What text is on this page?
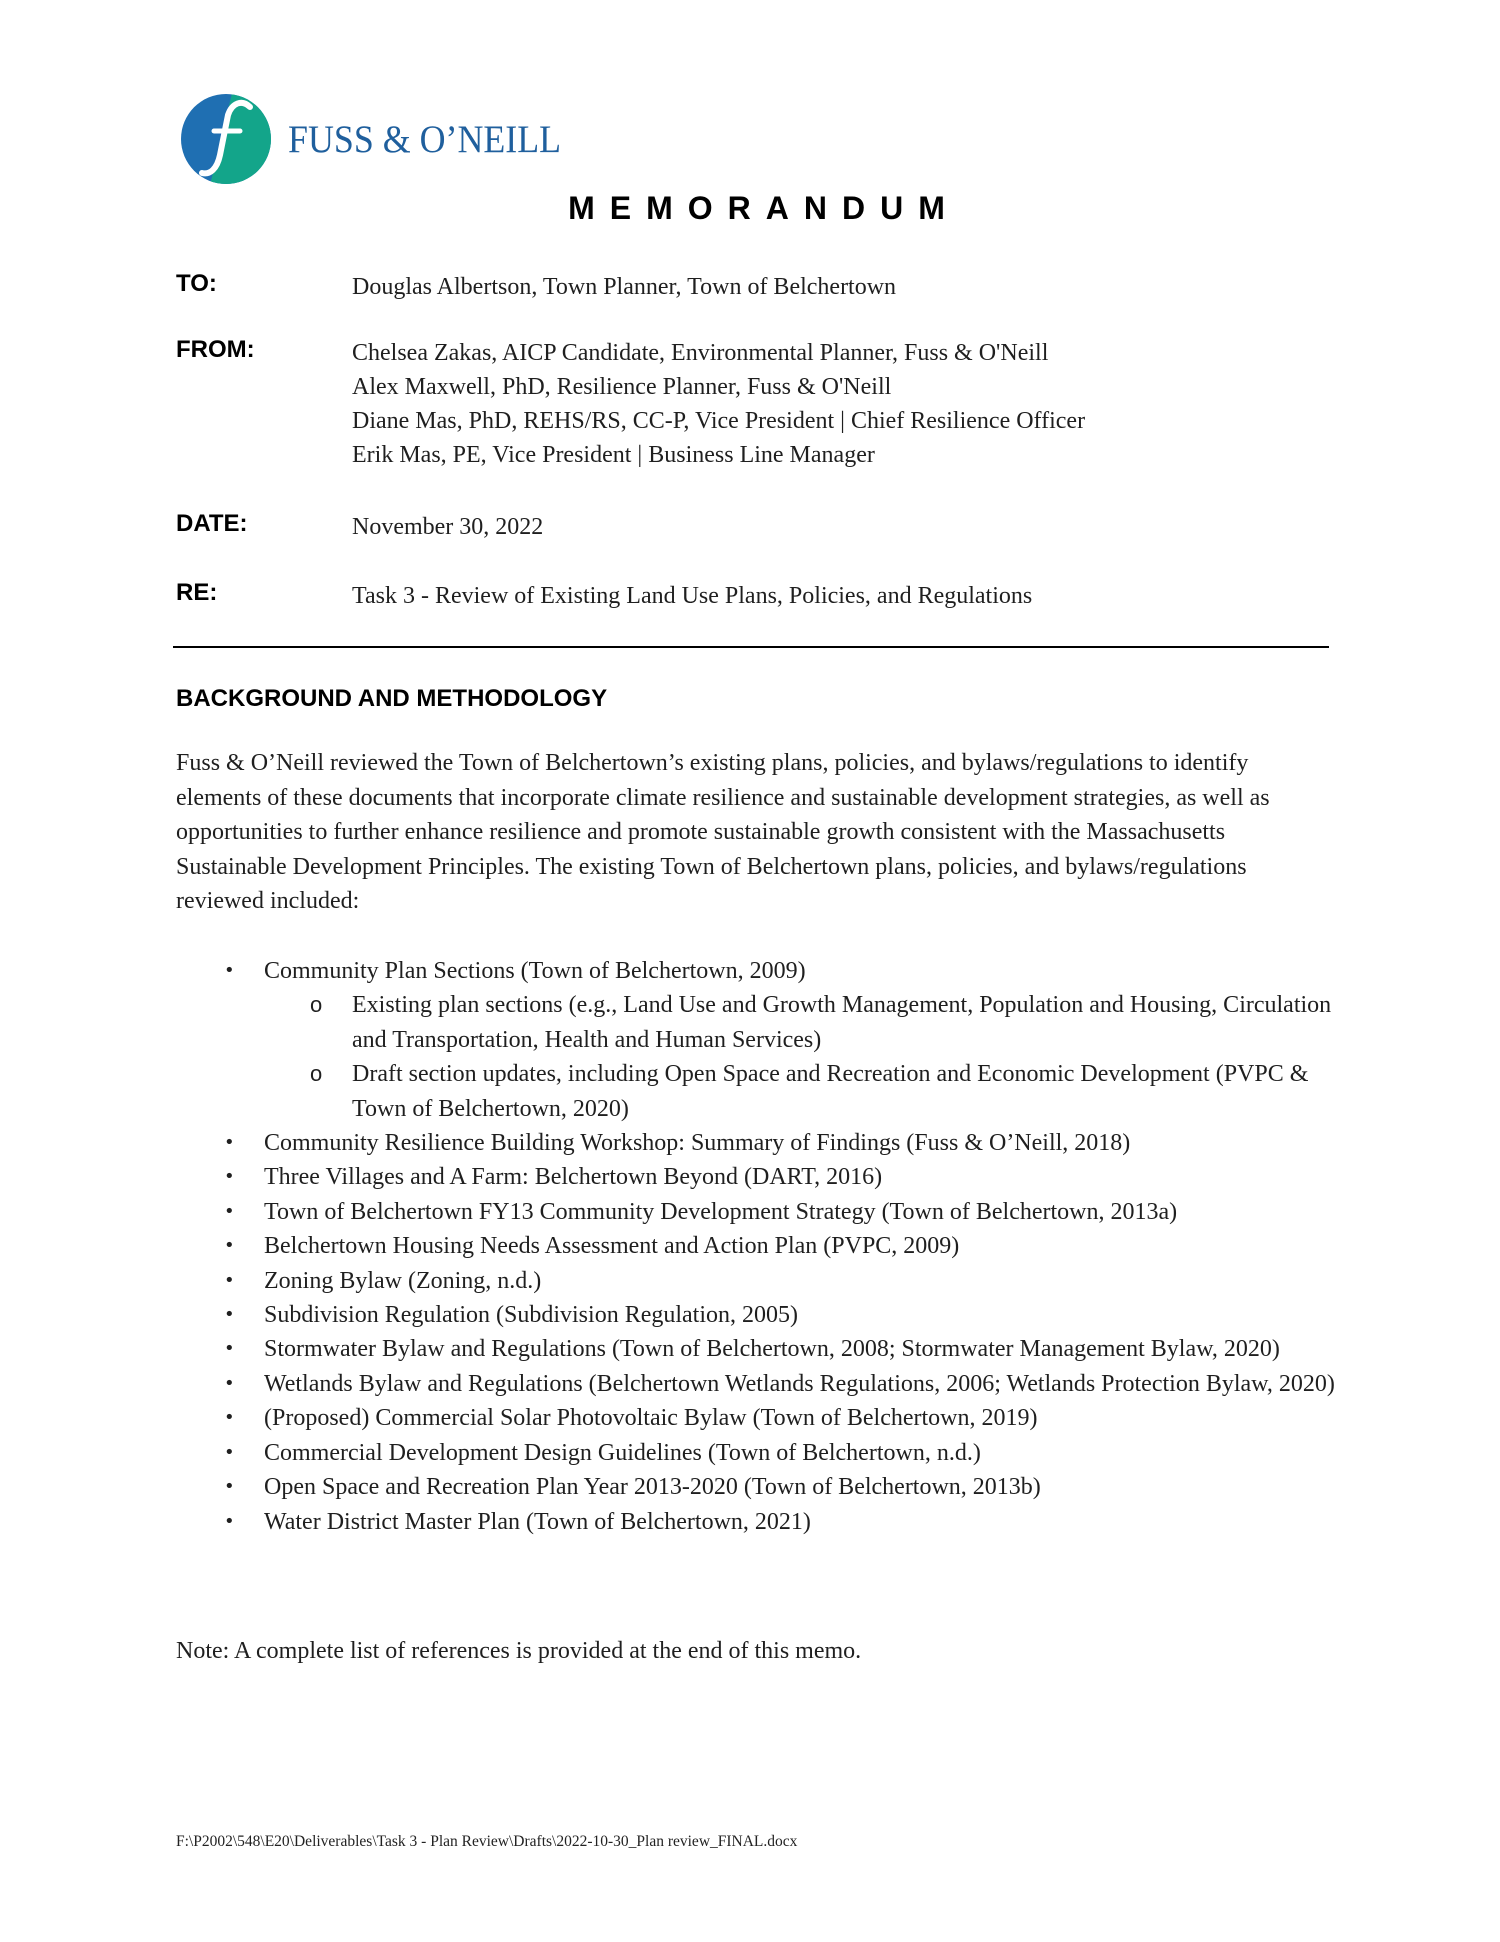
FUSS & O’NEILL
MEMORANDUM
TO:	Douglas Albertson, Town Planner, Town of Belchertown
FROM:	Chelsea Zakas, AICP Candidate, Environmental Planner, Fuss & O'Neill
Alex Maxwell, PhD, Resilience Planner, Fuss & O'Neill
Diane Mas, PhD, REHS/RS, CC-P, Vice President | Chief Resilience Officer
Erik Mas, PE, Vice President | Business Line Manager
DATE:	November 30, 2022
RE:	Task 3 - Review of Existing Land Use Plans, Policies, and Regulations
BACKGROUND AND METHODOLOGY
Fuss & O’Neill reviewed the Town of Belchertown’s existing plans, policies, and bylaws/regulations to identify elements of these documents that incorporate climate resilience and sustainable development strategies, as well as opportunities to further enhance resilience and promote sustainable growth consistent with the Massachusetts Sustainable Development Principles. The existing Town of Belchertown plans, policies, and bylaws/regulations reviewed included:
• Community Plan Sections (Town of Belchertown, 2009)
o Existing plan sections (e.g., Land Use and Growth Management, Population and Housing, Circulation and Transportation, Health and Human Services)
o Draft section updates, including Open Space and Recreation and Economic Development (PVPC & Town of Belchertown, 2020)
• Community Resilience Building Workshop: Summary of Findings (Fuss & O’Neill, 2018)
• Three Villages and A Farm: Belchertown Beyond (DART, 2016)
• Town of Belchertown FY13 Community Development Strategy (Town of Belchertown, 2013a)
• Belchertown Housing Needs Assessment and Action Plan (PVPC, 2009)
• Zoning Bylaw (Zoning, n.d.)
• Subdivision Regulation (Subdivision Regulation, 2005)
• Stormwater Bylaw and Regulations (Town of Belchertown, 2008; Stormwater Management Bylaw, 2020)
• Wetlands Bylaw and Regulations (Belchertown Wetlands Regulations, 2006; Wetlands Protection Bylaw, 2020)
• (Proposed) Commercial Solar Photovoltaic Bylaw (Town of Belchertown, 2019)
• Commercial Development Design Guidelines (Town of Belchertown, n.d.)
• Open Space and Recreation Plan Year 2013-2020 (Town of Belchertown, 2013b)
• Water District Master Plan (Town of Belchertown, 2021)
Note: A complete list of references is provided at the end of this memo.
F:\P2002\548\E20\Deliverables\Task 3 - Plan Review\Drafts\2022-10-30_Plan review_FINAL.docx
